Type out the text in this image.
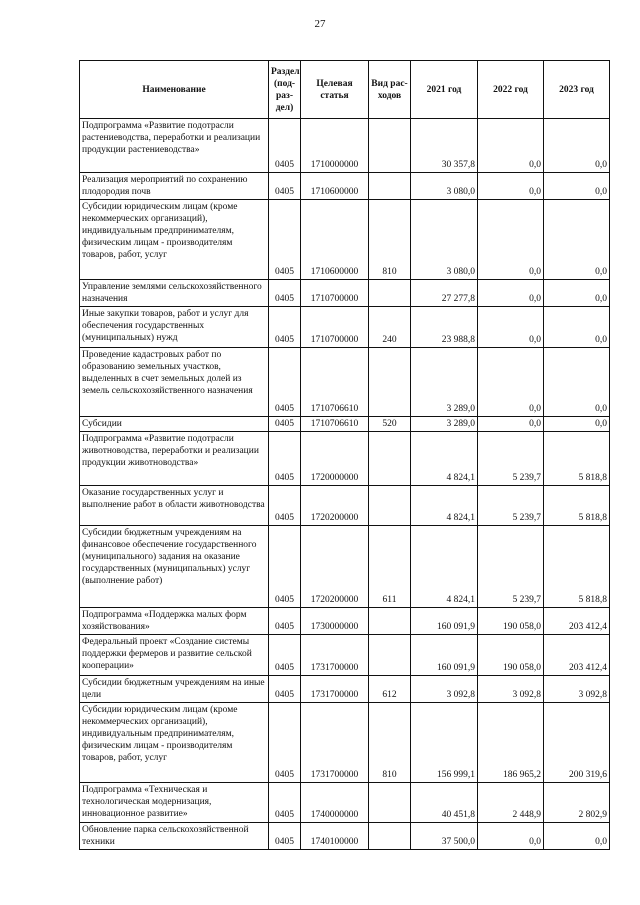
27
Наименование	Раздел (под-раз-дел)	Целевая статья	Вид рас-ходов	2021 год	2022 год	2023 год
Подпрограмма «Развитие подотрасли растениеводства, переработки и реализации продукции растениеводства»	0405	1710000000		30 357,8	0,0	0,0
Реализация мероприятий по сохранению плодородия почв	0405	1710600000		3 080,0	0,0	0,0
Субсидии юридическим лицам (кроме некоммерческих организаций), индивидуальным предпринимателям, физическим лицам - производителям товаров, работ, услуг	0405	1710600000	810	3 080,0	0,0	0,0
Управление землями сельскохозяйственного назначения	0405	1710700000		27 277,8	0,0	0,0
Иные закупки товаров, работ и услуг для обеспечения государственных (муниципальных) нужд	0405	1710700000	240	23 988,8	0,0	0,0
Проведение кадастровых работ по образованию земельных участков, выделенных в счет земельных долей из земель сельскохозяйственного назначения	0405	1710706610		3 289,0	0,0	0,0
Субсидии	0405	1710706610	520	3 289,0	0,0	0,0
Подпрограмма «Развитие подотрасли животноводства, переработки и реализации продукции животноводства»	0405	1720000000		4 824,1	5 239,7	5 818,8
Оказание государственных услуг и выполнение работ в области животноводства	0405	1720200000		4 824,1	5 239,7	5 818,8
Субсидии бюджетным учреждениям на финансовое обеспечение государственного (муниципального) задания на оказание государственных (муниципальных) услуг (выполнение работ)	0405	1720200000	611	4 824,1	5 239,7	5 818,8
Подпрограмма «Поддержка малых форм хозяйствования»	0405	1730000000		160 091,9	190 058,0	203 412,4
Федеральный проект «Создание системы поддержки фермеров и развитие сельской кооперации»	0405	1731700000		160 091,9	190 058,0	203 412,4
Субсидии бюджетным учреждениям на иные цели	0405	1731700000	612	3 092,8	3 092,8	3 092,8
Субсидии юридическим лицам (кроме некоммерческих организаций), индивидуальным предпринимателям, физическим лицам - производителям товаров, работ, услуг	0405	1731700000	810	156 999,1	186 965,2	200 319,6
Подпрограмма «Техническая и технологическая модернизация, инновационное развитие»	0405	1740000000		40 451,8	2 448,9	2 802,9
Обновление парка сельскохозяйственной техники	0405	1740100000		37 500,0	0,0	0,0
